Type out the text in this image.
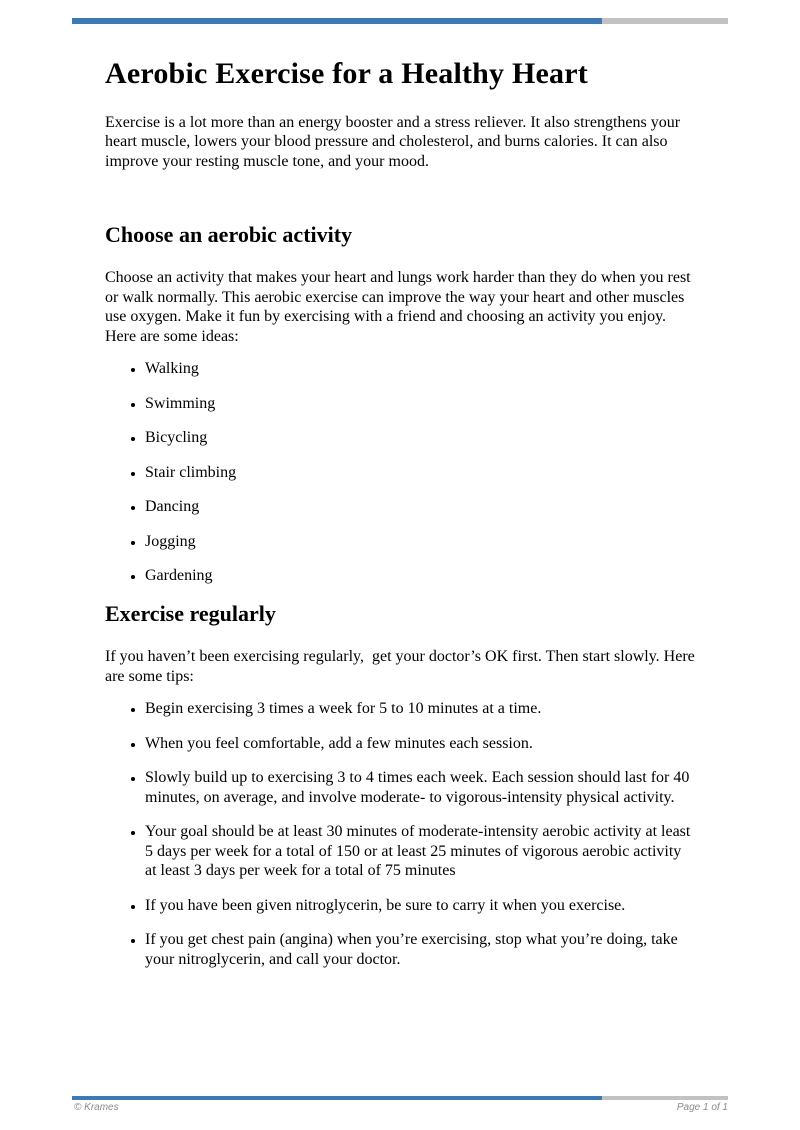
Aerobic Exercise for a Healthy Heart

Exercise is a lot more than an energy booster and a stress reliever. It also strengthens your heart muscle, lowers your blood pressure and cholesterol, and burns calories. It can also improve your resting muscle tone, and your mood.

Choose an aerobic activity

Choose an activity that makes your heart and lungs work harder than they do when you rest or walk normally. This aerobic exercise can improve the way your heart and other muscles use oxygen. Make it fun by exercising with a friend and choosing an activity you enjoy. Here are some ideas:

• Walking
• Swimming
• Bicycling
• Stair climbing
• Dancing
• Jogging
• Gardening
Exercise regularly

If you haven’t been exercising regularly,  get your doctor’s OK first. Then start slowly. Here are some tips:

• Begin exercising 3 times a week for 5 to 10 minutes at a time.
• When you feel comfortable, add a few minutes each session.
• Slowly build up to exercising 3 to 4 times each week. Each session should last for 40 minutes, on average, and involve moderate- to vigorous-intensity physical activity.
• Your goal should be at least 30 minutes of moderate-intensity aerobic activity at least 5 days per week for a total of 150 or at least 25 minutes of vigorous aerobic activity at least 3 days per week for a total of 75 minutes
• If you have been given nitroglycerin, be sure to carry it when you exercise.
• If you get chest pain (angina) when you’re exercising, stop what you’re doing, take your nitroglycerin, and call your doctor.
© Krames	Page 1 of 1
